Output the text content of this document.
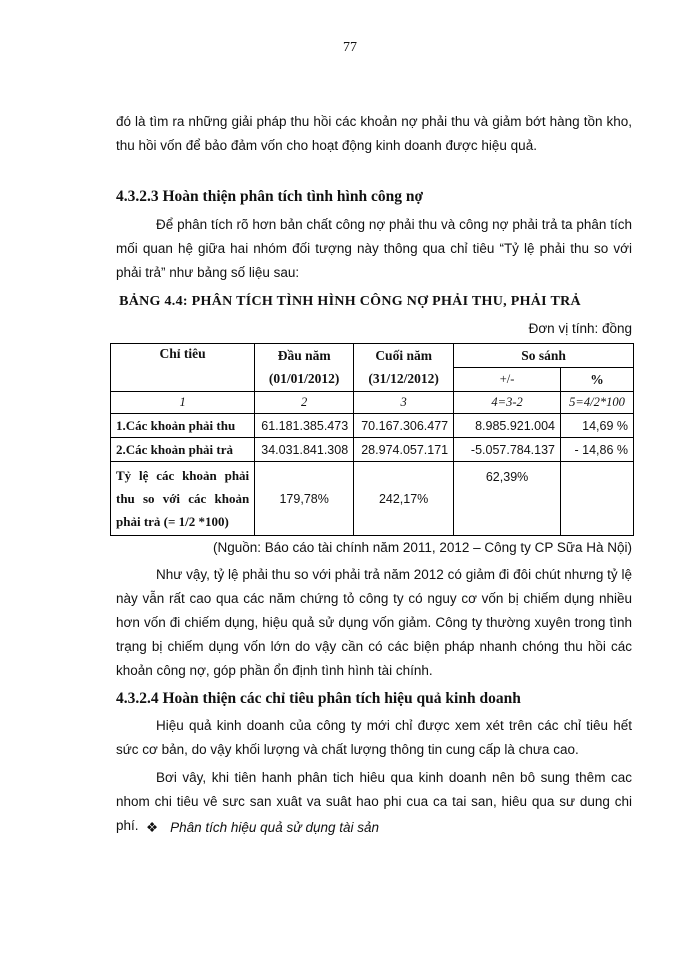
77
đó là tìm ra những giải pháp thu hồi các khoản nợ phải thu và giảm bớt hàng tồn kho, thu hồi vốn để bảo đảm vốn cho hoạt động kinh doanh được hiệu quả.
4.3.2.3 Hoàn thiện phân tích tình hình công nợ
Để phân tích rõ hơn bản chất công nợ phải thu và công nợ phải trả ta phân tích mối quan hệ giữa hai nhóm đối tượng này thông qua chỉ tiêu “Tỷ lệ phải thu so với phải trả” như bảng số liệu sau:
BẢNG 4.4: PHÂN TÍCH TÌNH HÌNH CÔNG NỢ PHẢI THU, PHẢI TRẢ
Đơn vị tính: đồng
Chỉ tiêu	Đầu năm	Cuối năm	So sánh	
	(01/01/2012)	(31/12/2012)	+/-	%
1	2	3	4=3-2	5=4/2*100
1.Các khoản phải thu	61.181.385.473	70.167.306.477	8.985.921.004	14,69 %
2.Các khoản phải trả	34.031.841.308	28.974.057.171	-5.057.784.137	- 14,86 %
Tỷ lệ các khoản phải thu so với các khoản phải trả (= 1/2 *100)	179,78%	242,17%	62,39%	
(Nguồn: Báo cáo tài chính năm 2011, 2012 – Công ty CP Sữa Hà Nội)
Như vậy, tỷ lệ phải thu so với phải trả năm 2012 có giảm đi đôi chút nhưng tỷ lệ này vẫn rất cao qua các năm chứng tỏ công ty có nguy cơ vốn bị chiếm dụng nhiều hơn vốn đi chiếm dụng, hiệu quả sử dụng vốn giảm. Công ty thường xuyên trong tình trạng bị chiếm dụng vốn lớn do vậy cần có các biện pháp nhanh chóng thu hồi các khoản công nợ, góp phần ổn định tình hình tài chính.
4.3.2.4 Hoàn thiện các chỉ tiêu phân tích hiệu quả kinh doanh
Hiệu quả kinh doanh của công ty mới chỉ được xem xét trên các chỉ tiêu hết sức cơ bản, do vậy khối lượng và chất lượng thông tin cung cấp là chưa cao.
Bơi vây, khi tiên hanh phân tich hiêu qua kinh doanh nên bô sung thêm cac nhom chi tiêu vê sưc san xuât va suât hao phi cua ca tai san, hiêu qua sư dung chi phí. ❖ Phân tích hiệu quả sử dụng tài sản
